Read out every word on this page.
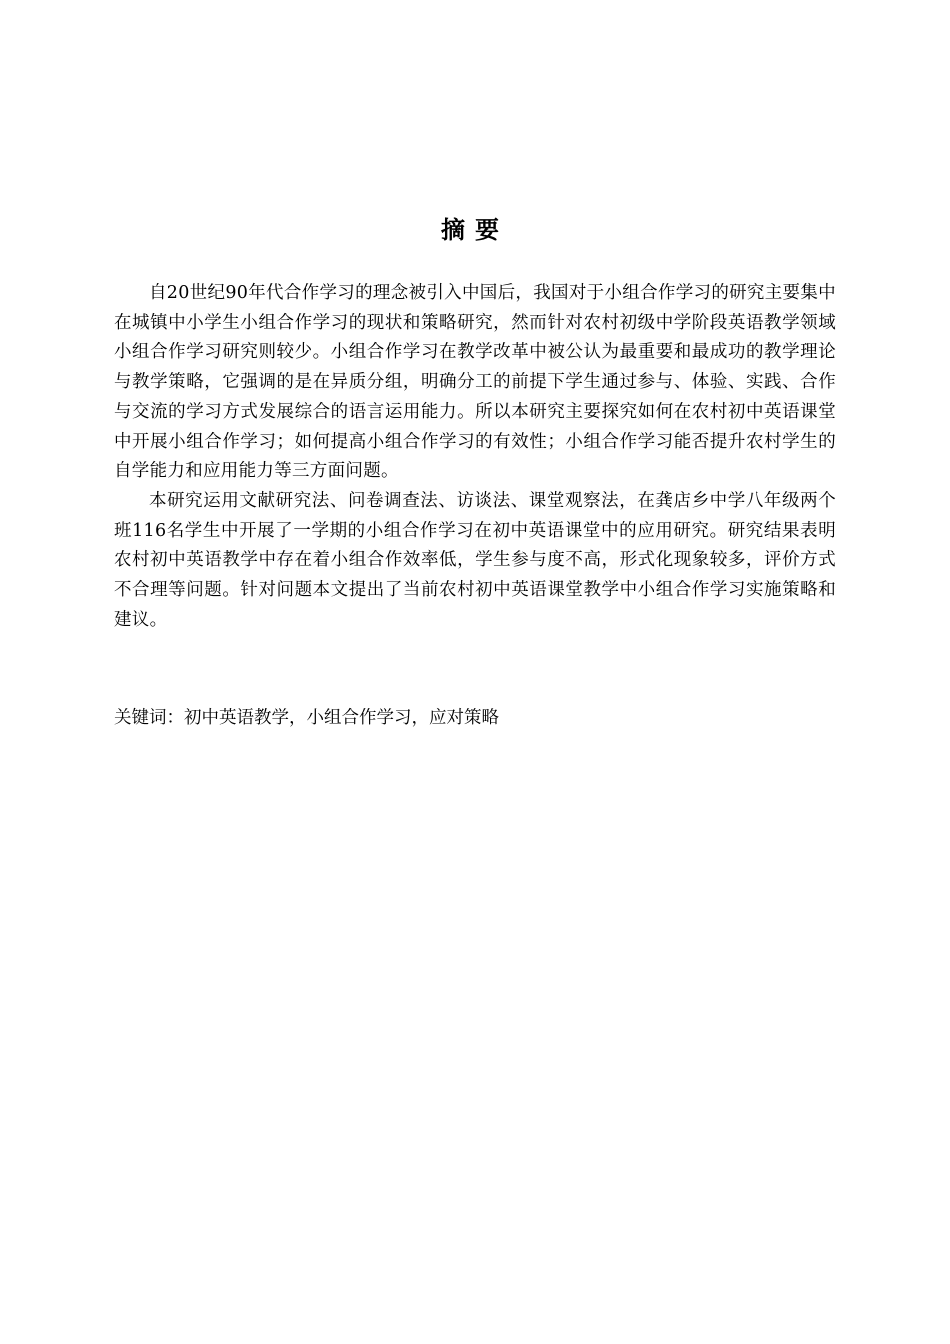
摘要

自20世纪90年代合作学习的理念被引入中国后，我国对于小组合作学习的研究主要集中在城镇中小学生小组合作学习的现状和策略研究，然而针对农村初级中学阶段英语教学领域小组合作学习研究则较少。小组合作学习在教学改革中被公认为最重要和最成功的教学理论与教学策略，它强调的是在异质分组，明确分工的前提下学生通过参与、体验、实践、合作与交流的学习方式发展综合的语言运用能力。所以本研究主要探究如何在农村初中英语课堂中开展小组合作学习；如何提高小组合作学习的有效性；小组合作学习能否提升农村学生的自学能力和应用能力等三方面问题。

本研究运用文献研究法、问卷调查法、访谈法、课堂观察法，在龚店乡中学八年级两个班116名学生中开展了一学期的小组合作学习在初中英语课堂中的应用研究。研究结果表明农村初中英语教学中存在着小组合作效率低，学生参与度不高，形式化现象较多，评价方式不合理等问题。针对问题本文提出了当前农村初中英语课堂教学中小组合作学习实施策略和建议。

关键词：初中英语教学，小组合作学习，应对策略
